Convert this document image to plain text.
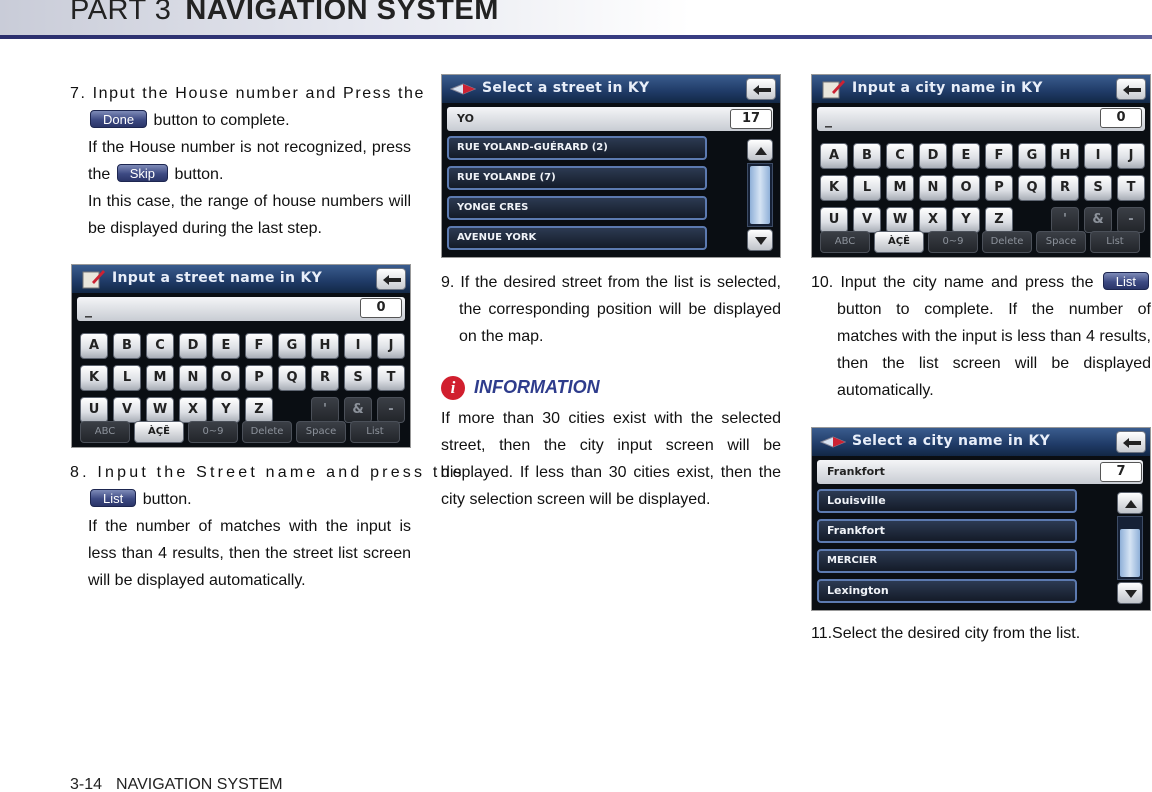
PART 3 NAVIGATION SYSTEM
7. Input the House number and Press the
Done button to complete.
If the House number is not recognized, press the Skip button.
In this case, the range of house numbers will be displayed during the last step.
Input a street name in KY
_	0
A	B	C	D	E	F	G	H	I	J
K	L	M	N	O	P	Q	R	S	T
U	V	W	X	Y	Z	'	&	-
ABC	ÀÇÊ	0~9	Delete	Space	List
8. Input the Street name and press the
List button.
If the number of matches with the input is less than 4 results, then the street list screen will be displayed automatically.
Select a street in KY
YO	17
RUE YOLAND-GUÉRARD (2)
RUE YOLANDE (7)
YONGE CRES
AVENUE YORK
9. If the desired street from the list is selected, the corresponding position will be displayed on the map.
i	INFORMATION
If more than 30 cities exist with the selected street, then the city input screen will be displayed. If less than 30 cities exist, then the city selection screen will be displayed.
Input a city name in KY
_	0
A	B	C	D	E	F	G	H	I	J
K	L	M	N	O	P	Q	R	S	T
U	V	W	X	Y	Z	'	&	-
ABC	ÀÇÊ	0~9	Delete	Space	List
10. Input the city name and press the List button to complete. If the number of matches with the input is less than 4 results, then the list screen will be displayed automatically.
Select a city name in KY
Frankfort	7
Louisville
Frankfort
MERCIER
Lexington
11.Select the desired city from the list.
3-14 NAVIGATION SYSTEM
